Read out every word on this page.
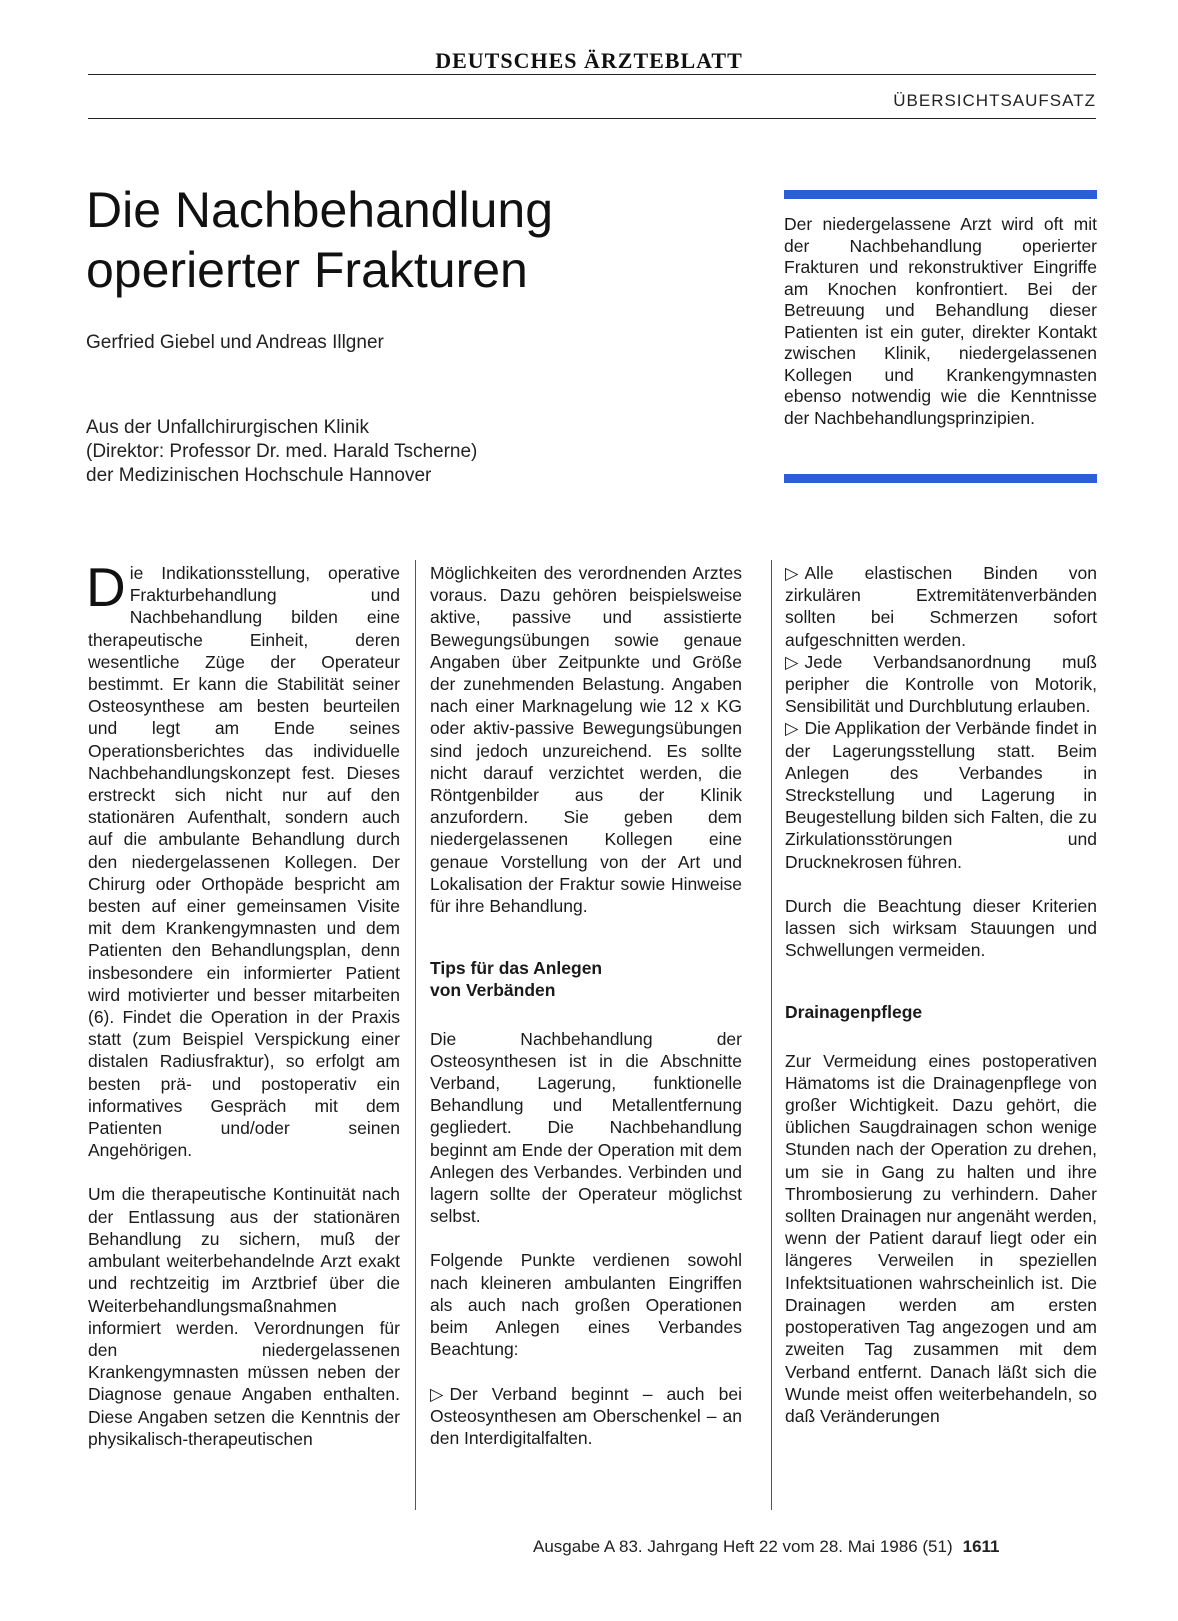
DEUTSCHES ÄRZTEBLATT
ÜBERSICHTSAUFSATZ
Die Nachbehandlung
operierter Frakturen
Gerfried Giebel und Andreas Illgner
Aus der Unfallchirurgischen Klinik
(Direktor: Professor Dr. med. Harald Tscherne)
der Medizinischen Hochschule Hannover
Der niedergelassene Arzt wird oft mit der Nachbehandlung operierter Frakturen und rekonstruktiver Eingriffe am Knochen konfrontiert. Bei der Betreuung und Behandlung dieser Patienten ist ein guter, direkter Kontakt zwischen Klinik, niedergelassenen Kollegen und Krankengymnasten ebenso notwendig wie die Kenntnisse der Nachbehandlungsprinzipien.

Die Indikationsstellung, operative Frakturbehandlung und Nachbehandlung bilden eine therapeutische Einheit, deren wesentliche Züge der Operateur bestimmt. Er kann die Stabilität seiner Osteosynthese am besten beurteilen und legt am Ende seines Operationsberichtes das individuelle Nachbehandlungskonzept fest. Dieses erstreckt sich nicht nur auf den stationären Aufenthalt, sondern auch auf die ambulante Behandlung durch den niedergelassenen Kollegen. Der Chirurg oder Orthopäde bespricht am besten auf einer gemeinsamen Visite mit dem Krankengymnasten und dem Patienten den Behandlungsplan, denn insbesondere ein informierter Patient wird motivierter und besser mitarbeiten (6). Findet die Operation in der Praxis statt (zum Beispiel Verspickung einer distalen Radiusfraktur), so erfolgt am besten prä- und postoperativ ein informatives Gespräch mit dem Patienten und/oder seinen Angehörigen.

Um die therapeutische Kontinuität nach der Entlassung aus der stationären Behandlung zu sichern, muß der ambulant weiterbehandelnde Arzt exakt und rechtzeitig im Arztbrief über die Weiterbehandlungsmaßnahmen informiert werden. Verordnungen für den niedergelassenen Krankengymnasten müssen neben der Diagnose genaue Angaben enthalten. Diese Angaben setzen die Kenntnis der physikalisch-therapeutischen

Möglichkeiten des verordnenden Arztes voraus. Dazu gehören beispielsweise aktive, passive und assistierte Bewegungsübungen sowie genaue Angaben über Zeitpunkte und Größe der zunehmenden Belastung. Angaben nach einer Marknagelung wie 12 x KG oder aktiv-passive Bewegungsübungen sind jedoch unzureichend. Es sollte nicht darauf verzichtet werden, die Röntgenbilder aus der Klinik anzufordern. Sie geben dem niedergelassenen Kollegen eine genaue Vorstellung von der Art und Lokalisation der Fraktur sowie Hinweise für ihre Behandlung.

Tips für das Anlegen
von Verbänden

Die Nachbehandlung der Osteosynthesen ist in die Abschnitte Verband, Lagerung, funktionelle Behandlung und Metallentfernung gegliedert. Die Nachbehandlung beginnt am Ende der Operation mit dem Anlegen des Verbandes. Verbinden und lagern sollte der Operateur möglichst selbst.

Folgende Punkte verdienen sowohl nach kleineren ambulanten Eingriffen als auch nach großen Operationen beim Anlegen eines Verbandes Beachtung:

▷ Der Verband beginnt – auch bei Osteosynthesen am Oberschenkel – an den Interdigitalfalten.

▷ Alle elastischen Binden von zirkulären Extremitätenverbänden sollten bei Schmerzen sofort aufgeschnitten werden.

▷ Jede Verbandsanordnung muß peripher die Kontrolle von Motorik, Sensibilität und Durchblutung erlauben.

▷ Die Applikation der Verbände findet in der Lagerungsstellung statt. Beim Anlegen des Verbandes in Streckstellung und Lagerung in Beugestellung bilden sich Falten, die zu Zirkulationsstörungen und Drucknekrosen führen.

Durch die Beachtung dieser Kriterien lassen sich wirksam Stauungen und Schwellungen vermeiden.

Drainagenpflege

Zur Vermeidung eines postoperativen Hämatoms ist die Drainagenpflege von großer Wichtigkeit. Dazu gehört, die üblichen Saugdrainagen schon wenige Stunden nach der Operation zu drehen, um sie in Gang zu halten und ihre Thrombosierung zu verhindern. Daher sollten Drainagen nur angenäht werden, wenn der Patient darauf liegt oder ein längeres Verweilen in speziellen Infektsituationen wahrscheinlich ist. Die Drainagen werden am ersten postoperativen Tag angezogen und am zweiten Tag zusammen mit dem Verband entfernt. Danach läßt sich die Wunde meist offen weiterbehandeln, so daß Veränderungen

Ausgabe A 83. Jahrgang Heft 22 vom 28. Mai 1986 (51) 1611
